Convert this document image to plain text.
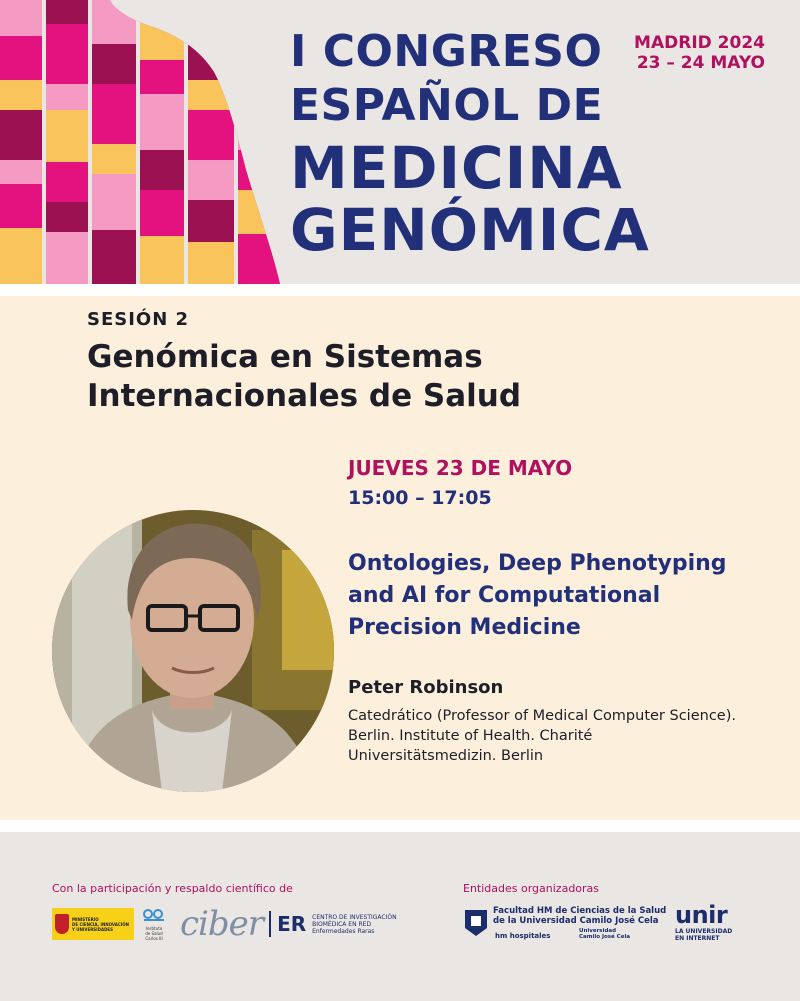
I CONGRESO
ESPAÑOL DE
MEDICINA
GENÓMICA
MADRID 2024
23 – 24 MAYO
SESIÓN 2
Genómica en Sistemas
Internacionales de Salud
JUEVES 23 DE MAYO
15:00 – 17:05
Ontologies, Deep Phenotyping
and AI for Computational
Precision Medicine
Peter Robinson
Catedrático (Professor of Medical Computer Science).
Berlin. Institute of Health. Charité
Universitätsmedizin. Berlin
Con la participación y respaldo científico de	Entidades organizadoras
MINISTERIO
DE CIENCIA, INNOVACIÓN
Y UNIVERSIDADES	Instituto
de Salud
Carlos III ciber ER CENTRO DE INVESTIGACIÓN
BIOMÉDICA EN RED
Enfermedades Raras
Facultad HM de Ciencias de la Salud
de la Universidad Camilo José Cela
hm hospitales
Universidad
Camilo José Cela
unir
LA UNIVERSIDAD
EN INTERNET
